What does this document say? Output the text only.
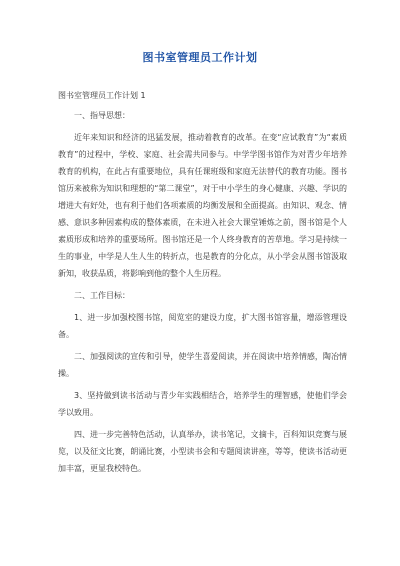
图书室管理员工作计划
图书室管理员工作计划 1

一、指导思想：

近年来知识和经济的迅猛发展，推动着教育的改革。在变“应试教育”为“素质教育”的过程中，学校、家庭、社会需共同参与。中学学图书馆作为对青少年培养教育的机构，在此占有重要地位，具有任课班级和家庭无法替代的教育功能。图书馆历来被称为知识和理想的“第二课堂”，对于中小学生的身心健康、兴趣、学识的增进大有好处，也有利于他们各项素质的均衡发展和全面提高。由知识、观念、情感、意识多种因素构成的整体素质，在未进入社会大课堂锤炼之前，图书馆是个人素质形成和培养的重要场所。图书馆还是一个人终身教育的苦草地。学习是持续一生的事业，中学是人生人生的转折点，也是教育的分化点，从小学会从图书馆汲取新知，收获品质，将影响到他的整个人生历程。

二、工作目标：

1、进一步加强校图书馆，阅览室的建设力度，扩大图书馆容量，增添管理设备。

二、加强阅读的宣传和引导，使学生喜爱阅读，并在阅读中培养情感，陶冶情操。

3、坚持做到读书活动与青少年实践相结合，培养学生的理智感，使他们学会学以致用。

四、进一步完善特色活动，认真举办，读书笔记，文摘卡，百科知识竞赛与展览，以及征文比赛，朗诵比赛，小型读书会和专题阅读讲座，等等，使读书活动更加丰富，更显我校特色。
